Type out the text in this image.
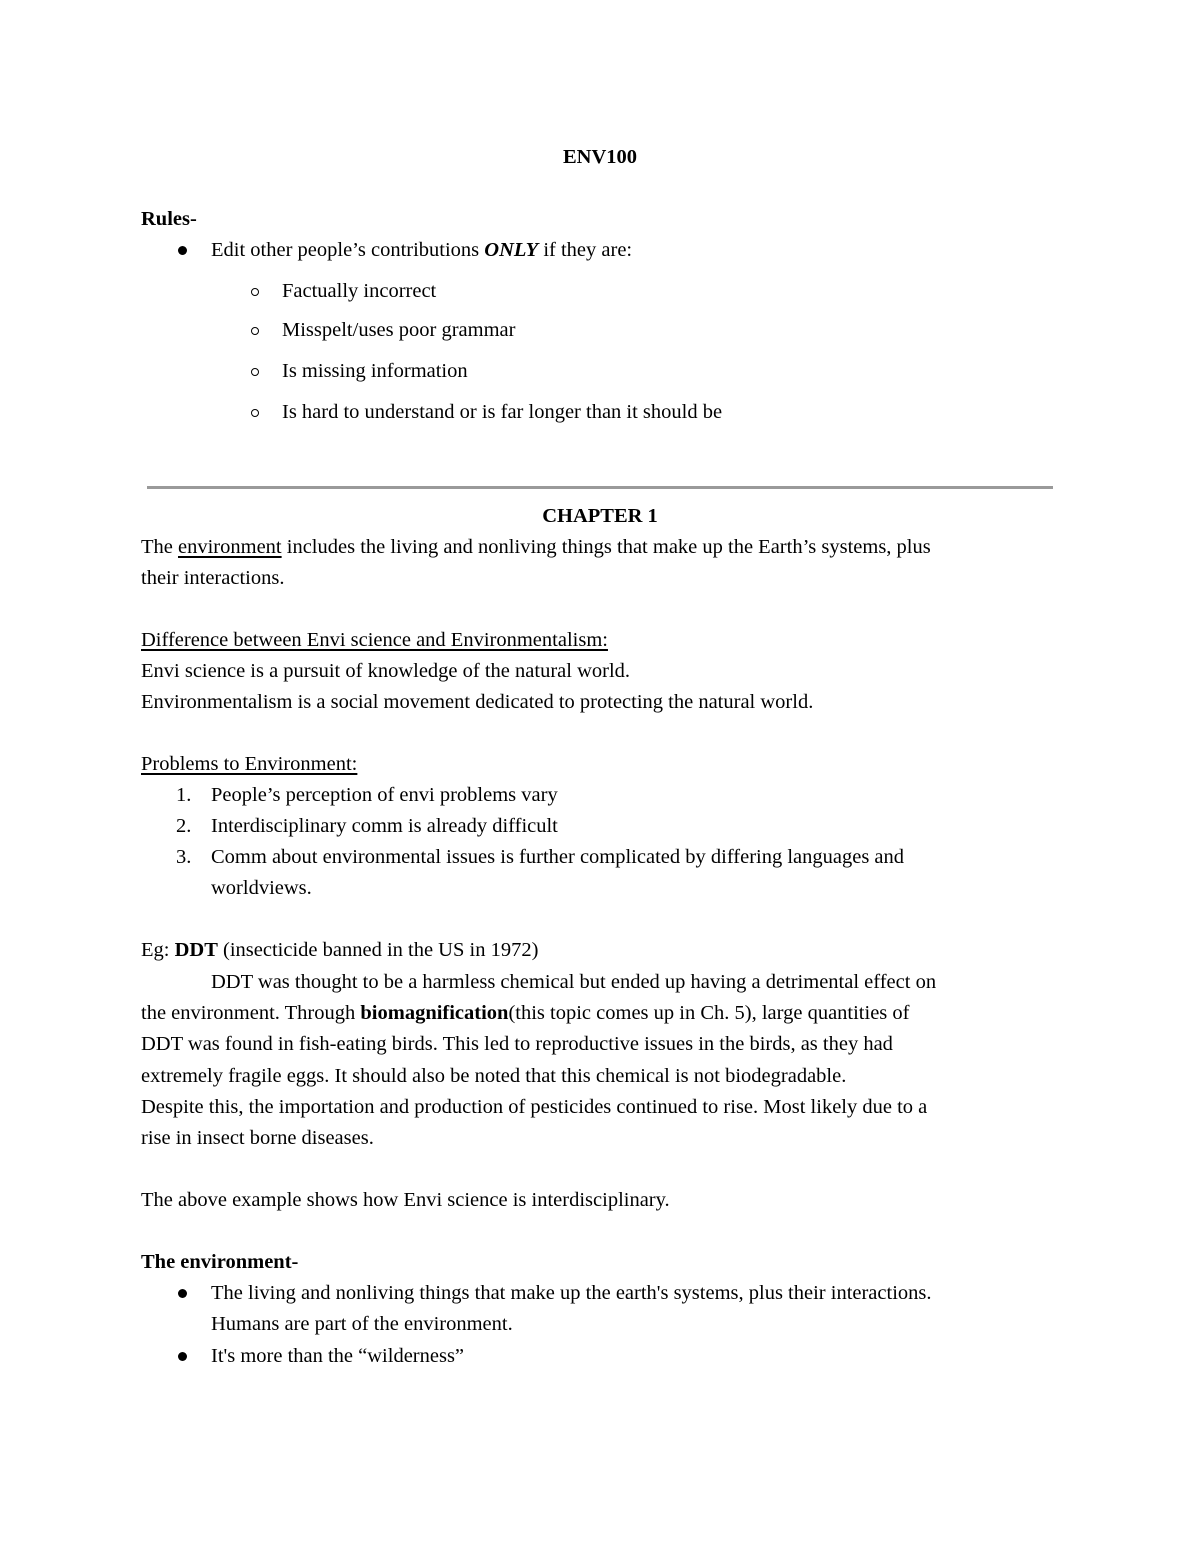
ENV100
Rules-
Edit other people’s contributions ONLY if they are:
Factually incorrect
Misspelt/uses poor grammar
Is missing information
Is hard to understand or is far longer than it should be
CHAPTER 1
The environment includes the living and nonliving things that make up the Earth’s systems, plus
their interactions.
Difference between Envi science and Environmentalism:
Envi science is a pursuit of knowledge of the natural world.
Environmentalism is a social movement dedicated to protecting the natural world.
Problems to Environment:
1. People’s perception of envi problems vary
2. Interdisciplinary comm is already difficult
3. Comm about environmental issues is further complicated by differing languages and
worldviews.
Eg: DDT (insecticide banned in the US in 1972)
DDT was thought to be a harmless chemical but ended up having a detrimental effect on
the environment. Through biomagnification(this topic comes up in Ch. 5), large quantities of
DDT was found in fish-eating birds. This led to reproductive issues in the birds, as they had
extremely fragile eggs. It should also be noted that this chemical is not biodegradable.
Despite this, the importation and production of pesticides continued to rise. Most likely due to a
rise in insect borne diseases.
The above example shows how Envi science is interdisciplinary.
The environment-
The living and nonliving things that make up the earth's systems, plus their interactions.
Humans are part of the environment.
It's more than the “wilderness”
